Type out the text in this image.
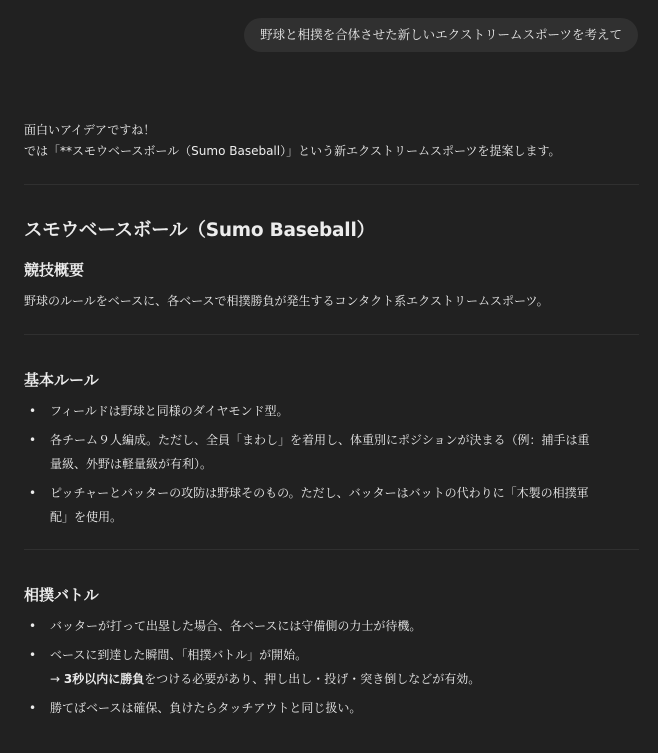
野球と相撲を合体させた新しいエクストリームスポーツを考えて

面白いアイデアですね！

では「**スモウベースボール（Sumo Baseball）」という新エクストリームスポーツを提案します。

スモウベースボール（Sumo Baseball）
競技概要

野球のルールをベースに、各ベースで相撲勝負が発生するコンタクト系エクストリームスポーツ。

基本ルール
• フィールドは野球と同様のダイヤモンド型。
• 各チーム９人編成。ただし、全員「まわし」を着用し、体重別にポジションが決まる（例：捕手は重
量級、外野は軽量級が有利）。
• ピッチャーとバッターの攻防は野球そのもの。ただし、バッターはバットの代わりに「木製の相撲軍
配」を使用。
相撲バトル
• バッターが打って出塁した場合、各ベースには守備側の力士が待機。
• ベースに到達した瞬間、「相撲バトル」が開始。
→ 3秒以内に勝負をつける必要があり、押し出し・投げ・突き倒しなどが有効。
• 勝てばベースは確保、負けたらタッチアウトと同じ扱い。
